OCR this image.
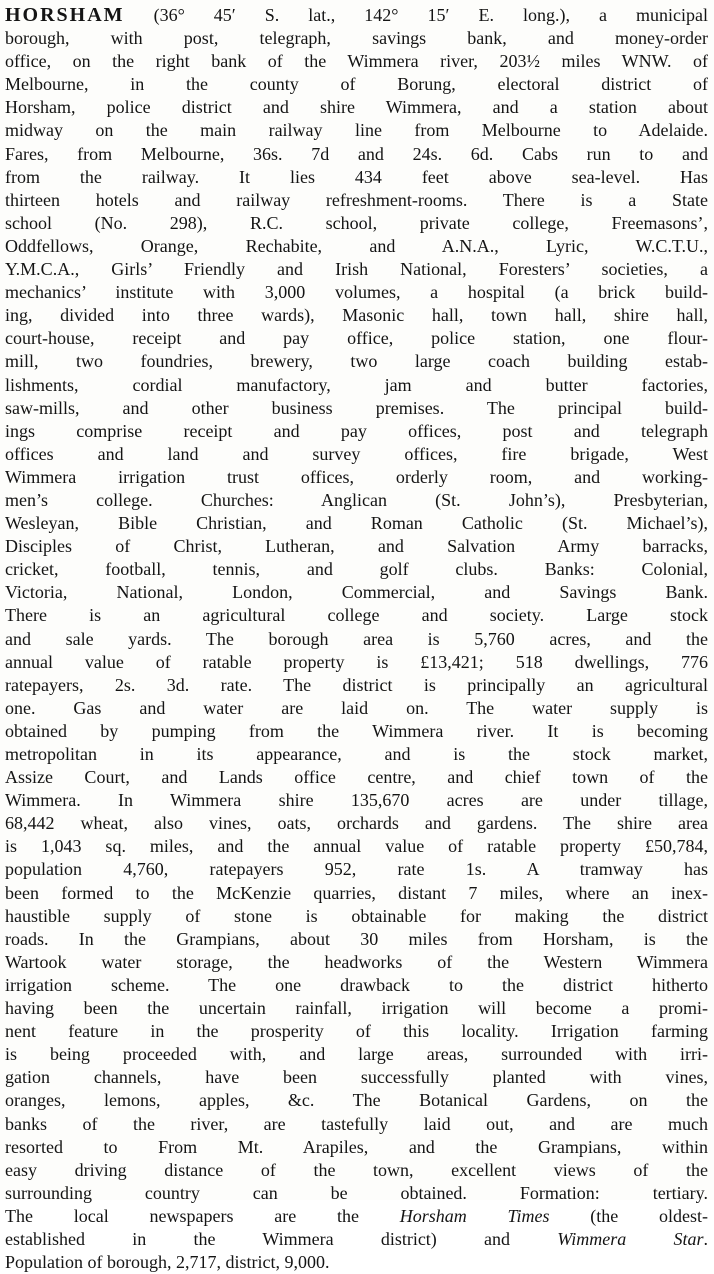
HORSHAM (36° 45′ S. lat., 142° 15′ E. long.), a municipal
borough, with post, telegraph, savings bank, and money-order
office, on the right bank of the Wimmera river, 203½ miles WNW. of
Melbourne, in the county of Borung, electoral district of
Horsham, police district and shire Wimmera, and a station about
midway on the main railway line from Melbourne to Adelaide.
Fares, from Melbourne, 36s. 7d and 24s. 6d. Cabs run to and
from the railway. It lies 434 feet above sea-level. Has
thirteen hotels and railway refreshment-rooms. There is a State
school (No. 298), R.C. school, private college, Freemasons’,
Oddfellows, Orange, Rechabite, and A.N.A., Lyric, W.C.T.U.,
Y.M.C.A., Girls’ Friendly and Irish National, Foresters’ societies, a
mechanics’ institute with 3,000 volumes, a hospital (a brick build-
ing, divided into three wards), Masonic hall, town hall, shire hall,
court-house, receipt and pay office, police station, one flour-
mill, two foundries, brewery, two large coach building estab-
lishments, cordial manufactory, jam and butter factories,
saw-mills, and other business premises. The principal build-
ings comprise receipt and pay offices, post and telegraph
offices and land and survey offices, fire brigade, West
Wimmera irrigation trust offices, orderly room, and working-
men’s college. Churches: Anglican (St. John’s), Presbyterian,
Wesleyan, Bible Christian, and Roman Catholic (St. Michael’s),
Disciples of Christ, Lutheran, and Salvation Army barracks,
cricket, football, tennis, and golf clubs. Banks: Colonial,
Victoria, National, London, Commercial, and Savings Bank.
There is an agricultural college and society. Large stock
and sale yards. The borough area is 5,760 acres, and the
annual value of ratable property is £13,421; 518 dwellings, 776
ratepayers, 2s. 3d. rate. The district is principally an agricultural
one. Gas and water are laid on. The water supply is
obtained by pumping from the Wimmera river. It is becoming
metropolitan in its appearance, and is the stock market,
Assize Court, and Lands office centre, and chief town of the
Wimmera. In Wimmera shire 135,670 acres are under tillage,
68,442 wheat, also vines, oats, orchards and gardens. The shire area
is 1,043 sq. miles, and the annual value of ratable property £50,784,
population 4,760, ratepayers 952, rate 1s. A tramway has
been formed to the McKenzie quarries, distant 7 miles, where an inex-
haustible supply of stone is obtainable for making the district
roads. In the Grampians, about 30 miles from Horsham, is the
Wartook water storage, the headworks of the Western Wimmera
irrigation scheme. The one drawback to the district hitherto
having been the uncertain rainfall, irrigation will become a promi-
nent feature in the prosperity of this locality. Irrigation farming
is being proceeded with, and large areas, surrounded with irri-
gation channels, have been successfully planted with vines,
oranges, lemons, apples, &c. The Botanical Gardens, on the
banks of the river, are tastefully laid out, and are much
resorted to From Mt. Arapiles, and the Grampians, within
easy driving distance of the town, excellent views of the
surrounding country can be obtained. Formation: tertiary.
The local newspapers are the Horsham Times (the oldest-
established in the Wimmera district) and Wimmera Star.
Population of borough, 2,717, district, 9,000.
